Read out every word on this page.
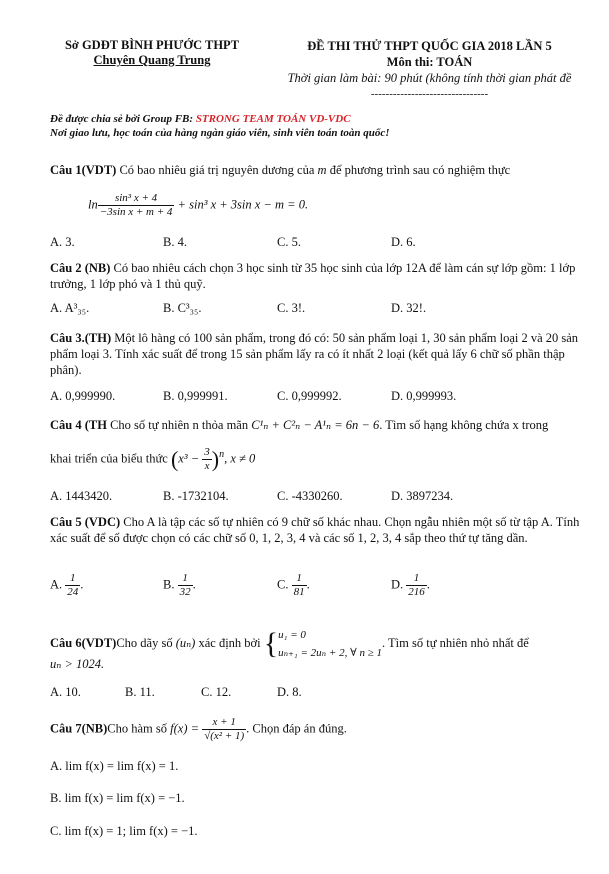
Sở GDĐT BÌNH PHƯỚC THPT
Chuyên Quang Trung
ĐỀ THI THỬ THPT QUỐC GIA 2018 LẦN 5
Môn thi: TOÁN
Thời gian làm bài: 90 phút (không tính thời gian phát đề
--------------------------------
Đề được chia sẻ bởi Group FB: STRONG TEAM TOÁN VD-VDC
Nơi giao lưu, học toán của hàng ngàn giáo viên, sinh viên toán toàn quốc!
Câu 1(VDT) Có bao nhiêu giá trị nguyên dương của m để phương trình sau có nghiệm thực
$\ln \frac{\text{sin³ x + 4}}{\text{−3sin x + m + 4}} + \sin^3$ x + 3sin x − m = 0.
A. 3.	B. 4.	C. 5.	D. 6.
Câu 2 (NB) Có bao nhiêu cách chọn 3 học sinh từ 35 học sinh của lớp 12A để làm cán sự lớp gồm: 1 lớp trưởng, 1 lớp phó và 1 thủ quỹ.
A. A³₃₅.	B. C³₃₅.	C. 3!.	D. 32!.
Câu 3.(TH) Một lô hàng có 100 sản phẩm, trong đó có: 50 sản phẩm loại 1, 30 sản phẩm loại 2 và 20 sản phẩm loại 3. Tính xác suất để trong 15 sản phẩm lấy ra có ít nhất 2 loại (kết quả lấy 6 chữ số phần thập phân).
A. 0,999990.	B. 0,999991.	C. 0,999992.	D. 0,999993.
Câu 4 (TH Cho số tự nhiên n thỏa mãn C¹ₙ + C²ₙ − A¹ₙ = 6n − 6. Tìm số hạng không chứa x trong
khai triển của biểu thức $(x^3 - \frac{3}{x} )^n$, x ≠ 0
A. 1443420.	B. -1732104.	C. -4330260.	D. 3897234.
Câu 5 (VDC) Cho A là tập các số tự nhiên có 9 chữ số khác nhau. Chọn ngẫu nhiên một số từ tập A. Tính xác suất để số được chọn có các chữ số 0, 1, 2, 3, 4 và các số 1, 2, 3, 4 sắp theo thứ tự tăng dần.
A. $\frac{1}{24}$ .	B. $\frac{1}{32}$ .	C. $\frac{1}{81}$ .	D. $\frac{1}{216}$ .
Câu 6(VDT)Cho dãy số (uₙ) xác định bởi { u₁ = 0
uₙ₊₁ = 2uₙ + 2, ∀ n ≥ 1
. Tìm số tự nhiên nhỏ nhất để
uₙ > 1024.
A. 10.	B. 11.	C. 12.	D. 8.
Câu 7(NB)Cho hàm số $f(x) = \frac{x + 1}{\text{√(x² + 1)}}$ . Chọn đáp án đúng.
A. lim f(x) = lim f(x) = 1.
B. lim f(x) = lim f(x) = −1.
C. lim f(x) = 1; lim f(x) = −1.
